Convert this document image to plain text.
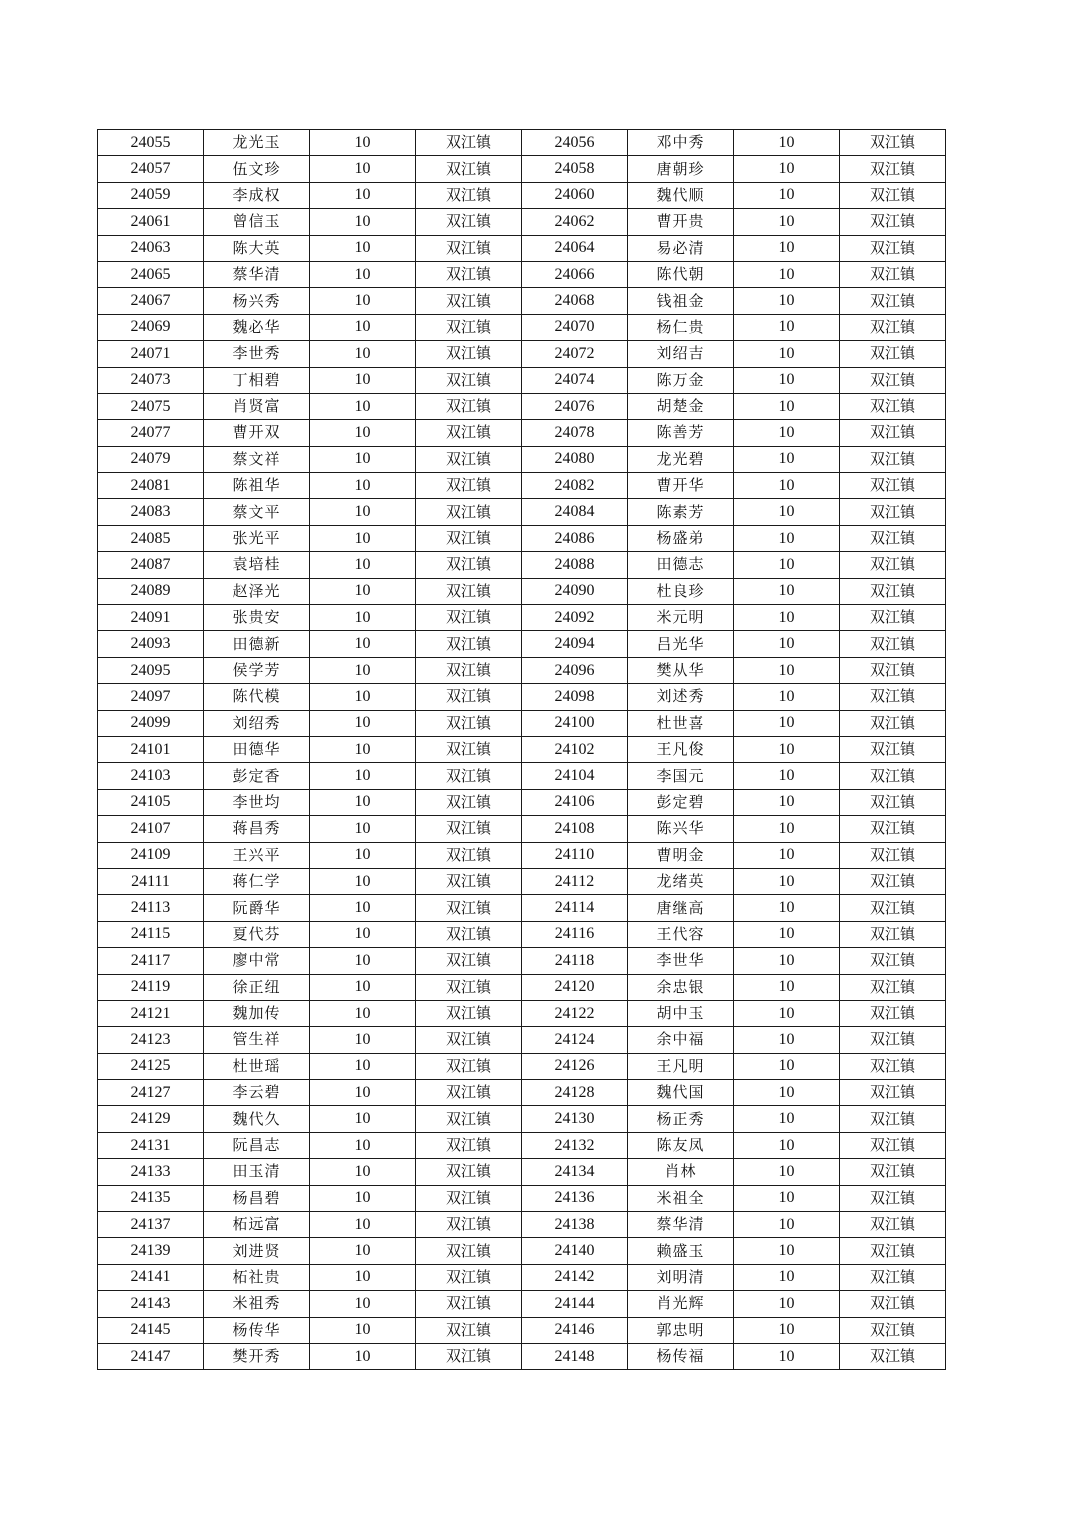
24055	龙光玉	10	双江镇	24056	邓中秀	10	双江镇
24057	伍文珍	10	双江镇	24058	唐朝珍	10	双江镇
24059	李成权	10	双江镇	24060	魏代顺	10	双江镇
24061	曾信玉	10	双江镇	24062	曹开贵	10	双江镇
24063	陈大英	10	双江镇	24064	易必清	10	双江镇
24065	蔡华清	10	双江镇	24066	陈代朝	10	双江镇
24067	杨兴秀	10	双江镇	24068	钱祖金	10	双江镇
24069	魏必华	10	双江镇	24070	杨仁贵	10	双江镇
24071	李世秀	10	双江镇	24072	刘绍吉	10	双江镇
24073	丁相碧	10	双江镇	24074	陈万金	10	双江镇
24075	肖贤富	10	双江镇	24076	胡楚金	10	双江镇
24077	曹开双	10	双江镇	24078	陈善芳	10	双江镇
24079	蔡文祥	10	双江镇	24080	龙光碧	10	双江镇
24081	陈祖华	10	双江镇	24082	曹开华	10	双江镇
24083	蔡文平	10	双江镇	24084	陈素芳	10	双江镇
24085	张光平	10	双江镇	24086	杨盛弟	10	双江镇
24087	袁培桂	10	双江镇	24088	田德志	10	双江镇
24089	赵泽光	10	双江镇	24090	杜良珍	10	双江镇
24091	张贵安	10	双江镇	24092	米元明	10	双江镇
24093	田德新	10	双江镇	24094	吕光华	10	双江镇
24095	侯学芳	10	双江镇	24096	樊从华	10	双江镇
24097	陈代模	10	双江镇	24098	刘述秀	10	双江镇
24099	刘绍秀	10	双江镇	24100	杜世喜	10	双江镇
24101	田德华	10	双江镇	24102	王凡俊	10	双江镇
24103	彭定香	10	双江镇	24104	李国元	10	双江镇
24105	李世均	10	双江镇	24106	彭定碧	10	双江镇
24107	蒋昌秀	10	双江镇	24108	陈兴华	10	双江镇
24109	王兴平	10	双江镇	24110	曹明金	10	双江镇
24111	蒋仁学	10	双江镇	24112	龙绪英	10	双江镇
24113	阮爵华	10	双江镇	24114	唐继高	10	双江镇
24115	夏代芬	10	双江镇	24116	王代容	10	双江镇
24117	廖中常	10	双江镇	24118	李世华	10	双江镇
24119	徐正纽	10	双江镇	24120	余忠银	10	双江镇
24121	魏加传	10	双江镇	24122	胡中玉	10	双江镇
24123	管生祥	10	双江镇	24124	余中福	10	双江镇
24125	杜世瑶	10	双江镇	24126	王凡明	10	双江镇
24127	李云碧	10	双江镇	24128	魏代国	10	双江镇
24129	魏代久	10	双江镇	24130	杨正秀	10	双江镇
24131	阮昌志	10	双江镇	24132	陈友凤	10	双江镇
24133	田玉清	10	双江镇	24134	肖林	10	双江镇
24135	杨昌碧	10	双江镇	24136	米祖全	10	双江镇
24137	柘远富	10	双江镇	24138	蔡华清	10	双江镇
24139	刘进贤	10	双江镇	24140	赖盛玉	10	双江镇
24141	柘社贵	10	双江镇	24142	刘明清	10	双江镇
24143	米祖秀	10	双江镇	24144	肖光辉	10	双江镇
24145	杨传华	10	双江镇	24146	郭忠明	10	双江镇
24147	樊开秀	10	双江镇	24148	杨传福	10	双江镇
